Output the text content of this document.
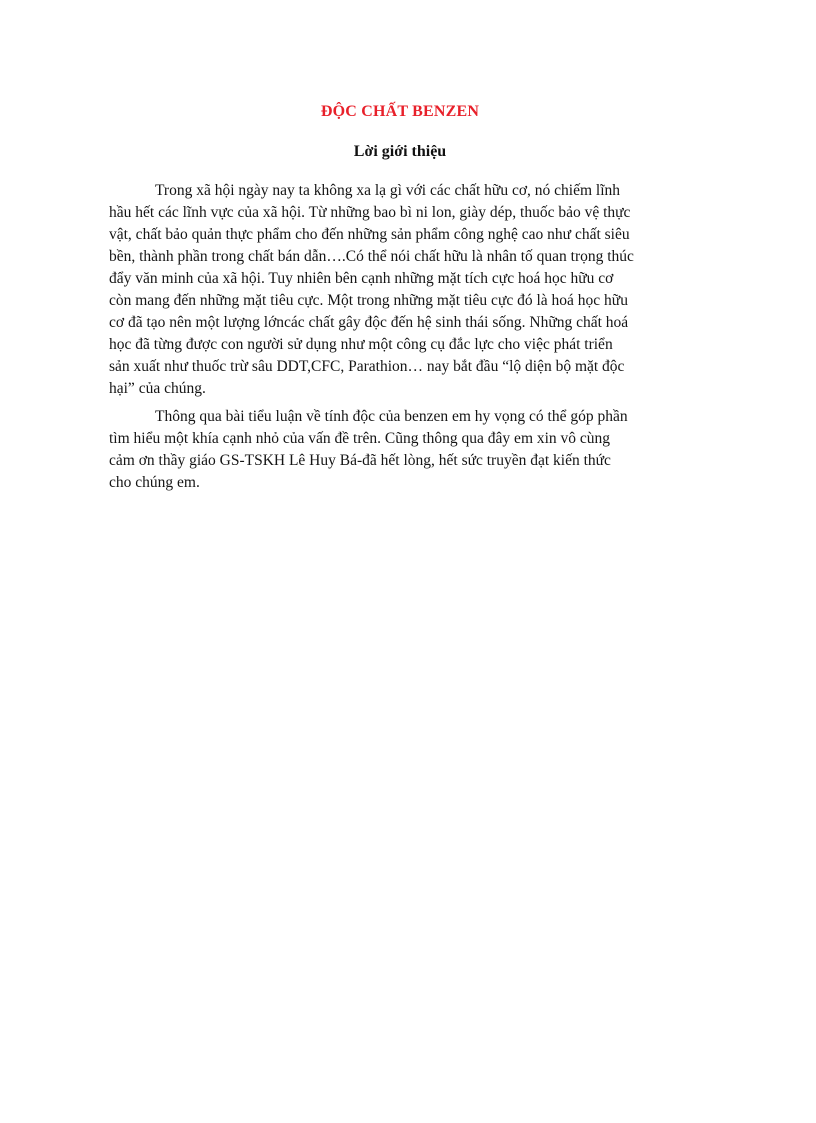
ĐỘC CHẤT BENZEN
Lời giới thiệu
Trong xã hội ngày nay ta không xa lạ gì với các chất hữu cơ, nó chiếm lĩnh
hầu hết các lĩnh vực của xã hội. Từ những bao bì ni lon, giày dép, thuốc bảo vệ thực
vật, chất bảo quản thực phẩm cho đến những sản phẩm công nghệ cao như chất siêu
bền, thành phần trong chất bán dẫn….Có thể nói chất hữu là nhân tố quan trọng thúc
đẩy văn minh của xã hội. Tuy nhiên bên cạnh những mặt tích cực hoá học hữu cơ
còn mang đến những mặt tiêu cực. Một trong những mặt tiêu cực đó là hoá học hữu
cơ đã tạo nên một lượng lớncác chất gây độc đến hệ sinh thái sống. Những chất hoá
học đã từng được con người sử dụng như một công cụ đắc lực cho việc phát triển
sản xuất như thuốc trừ sâu DDT,CFC, Parathion… nay bắt đầu “lộ diện bộ mặt độc
hại” của chúng.
Thông qua bài tiểu luận về tính độc của benzen em hy vọng có thể góp phần
tìm hiểu một khía cạnh nhỏ của vấn đề trên. Cũng thông qua đây em xin vô cùng
cảm ơn thầy giáo GS-TSKH Lê Huy Bá-đã hết lòng, hết sức truyền đạt kiến thức
cho chúng em.
